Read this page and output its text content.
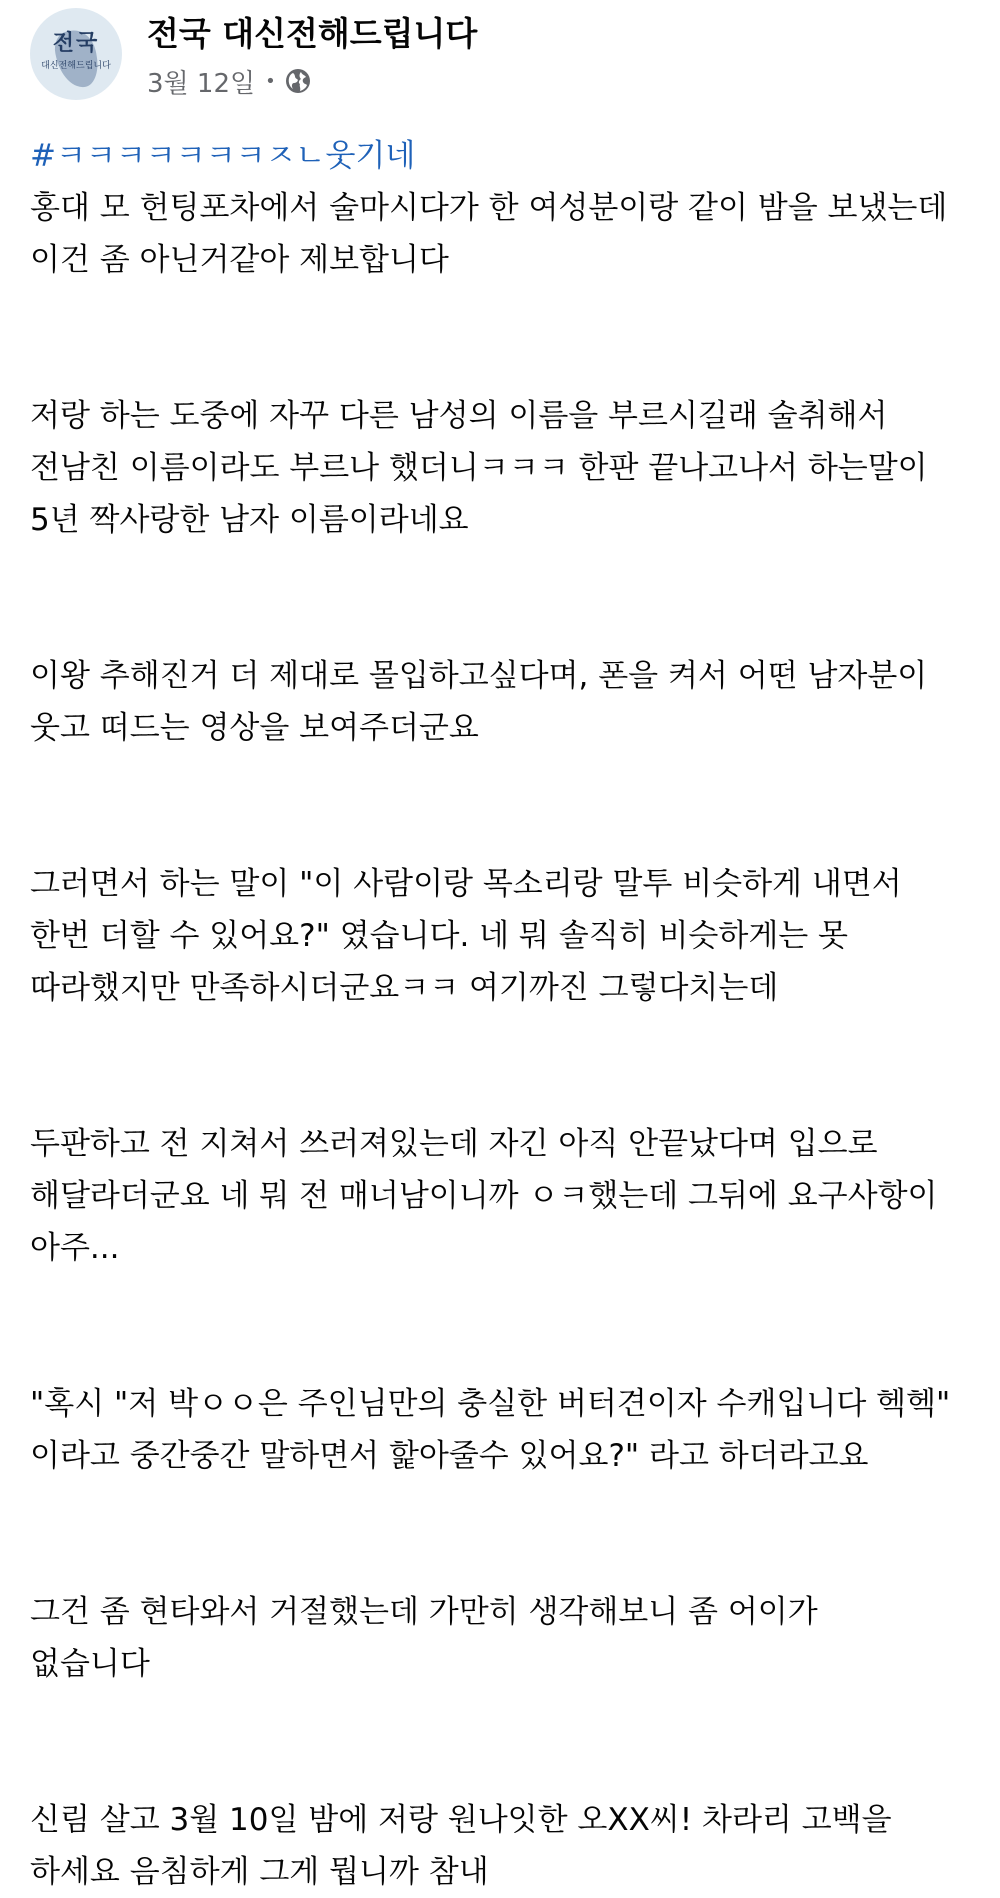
전국
대신전해드립니다
전국 대신전해드립니다
3월 12일 •

#ㅋㅋㅋㅋㅋㅋㅋㅈㄴ웃기네

홍대 모 헌팅포차에서 술마시다가 한 여성분이랑 같이 밤을 보냈는데

이건 좀 아닌거같아 제보합니다

저랑 하는 도중에 자꾸 다른 남성의 이름을 부르시길래 술취해서

전남친 이름이라도 부르나 했더니ㅋㅋㅋ 한판 끝나고나서 하는말이

5년 짝사랑한 남자 이름이라네요

이왕 추해진거 더 제대로 몰입하고싶다며, 폰을 켜서 어떤 남자분이

웃고 떠드는 영상을 보여주더군요

그러면서 하는 말이 "이 사람이랑 목소리랑 말투 비슷하게 내면서

한번 더할 수 있어요?" 였습니다. 네 뭐 솔직히 비슷하게는 못

따라했지만 만족하시더군요ㅋㅋ 여기까진 그렇다치는데

두판하고 전 지쳐서 쓰러져있는데 자긴 아직 안끝났다며 입으로

해달라더군요 네 뭐 전 매너남이니까 ㅇㅋ했는데 그뒤에 요구사항이

아주...

"혹시 "저 박ㅇㅇ은 주인님만의 충실한 버터견이자 수캐입니다 헥헥"

이라고 중간중간 말하면서 핥아줄수 있어요?" 라고 하더라고요

그건 좀 현타와서 거절했는데 가만히 생각해보니 좀 어이가

없습니다

신림 살고 3월 10일 밤에 저랑 원나잇한 오XX씨! 차라리 고백을

하세요 음침하게 그게 뭡니까 참내
